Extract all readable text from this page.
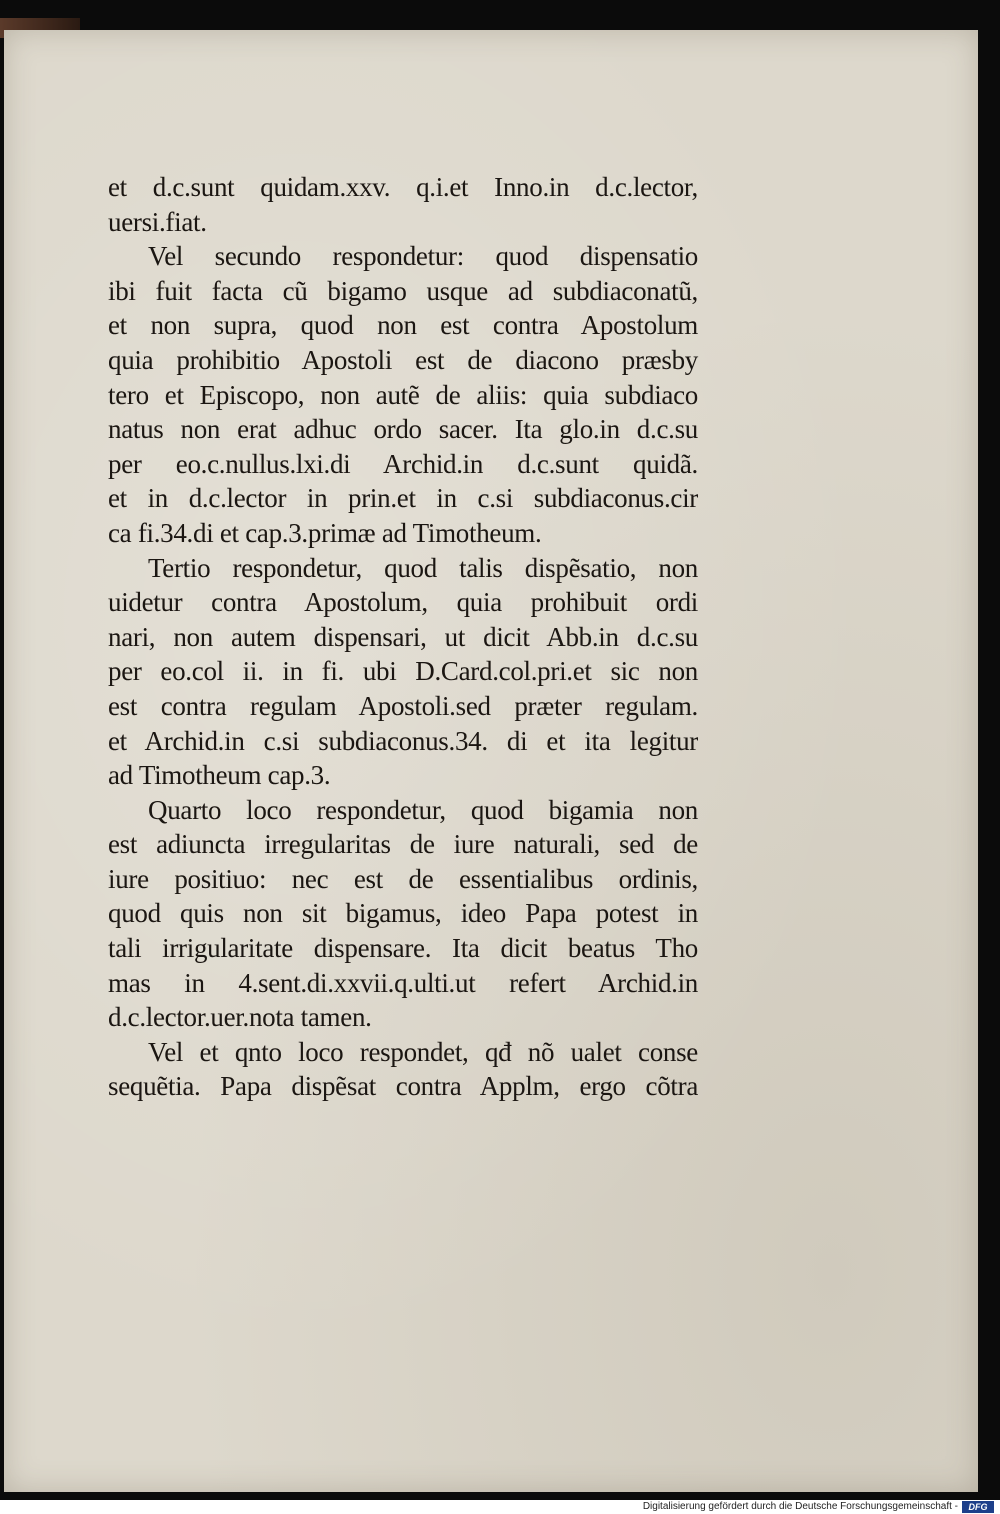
et d.c.sunt quidam.xxv. q.i.et Inno.in d.c.lector,
uersi.fiat.
Vel secundo respondetur: quod dispensatio
ibi fuit facta cũ bigamo usque ad subdiaconatũ,
et non supra, quod non est contra Apostolum
quia prohibitio Apostoli est de diacono præsby
tero et Episcopo, non autẽ de aliis: quia subdiaco
natus non erat adhuc ordo sacer. Ita glo.in d.c.su
per eo.c.nullus.lxi.di Archid.in d.c.sunt quidã.
et in d.c.lector in prin.et in c.si subdiaconus.cir
ca fi.34.di et cap.3.primæ ad Timotheum.
Tertio respondetur, quod talis dispẽsatio, non
uidetur contra Apostolum, quia prohibuit ordi
nari, non autem dispensari, ut dicit Abb.in d.c.su
per eo.col ii. in fi. ubi D.Card.col.pri.et sic non
est contra regulam Apostoli.sed præter regulam.
et Archid.in c.si subdiaconus.34. di et ita legitur
ad Timotheum cap.3.
Quarto loco respondetur, quod bigamia non
est adiuncta irregularitas de iure naturali, sed de
iure positiuo: nec est de essentialibus ordinis,
quod quis non sit bigamus, ideo Papa potest in
tali irrigularitate dispensare. Ita dicit beatus Tho
mas in 4.sent.di.xxvii.q.ulti.ut refert Archid.in
d.c.lector.uer.nota tamen.
Vel et qnto loco respondet, qđ nõ ualet conse
sequẽtia. Papa dispẽsat contra Applm, ergo cõtra
Digitalisierung gefördert durch die Deutsche Forschungsgemeinschaft -	DFG
